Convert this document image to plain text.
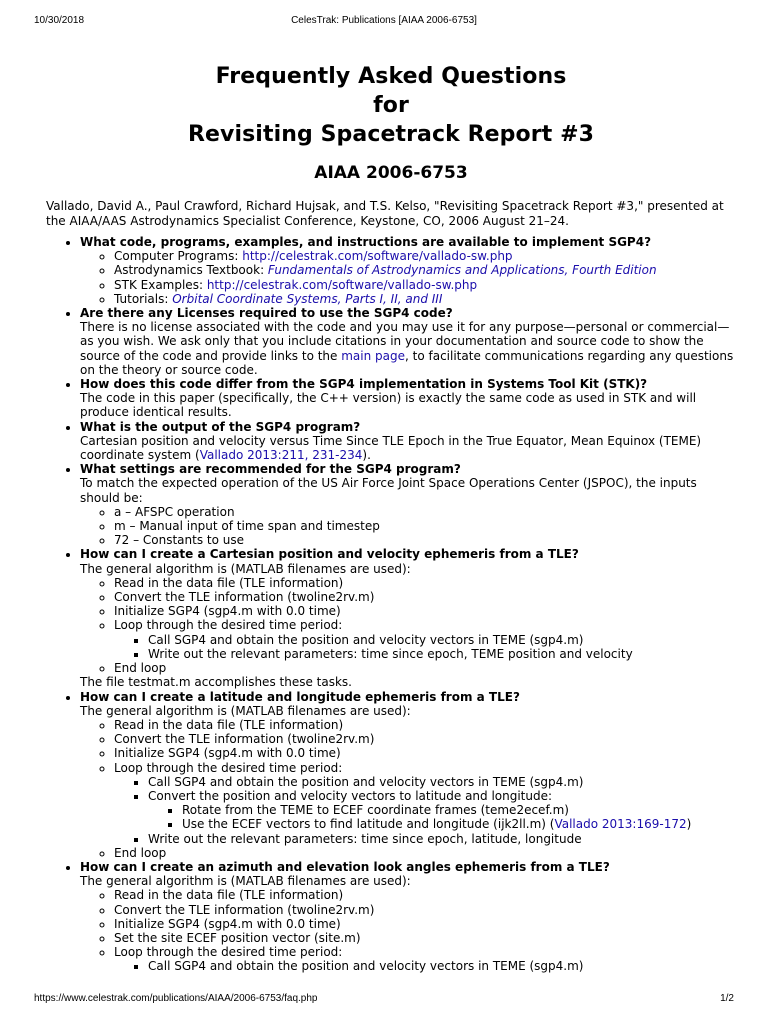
10/30/2018	CelesTrak: Publications [AIAA 2006-6753]
Frequently Asked Questions
for
Revisiting Spacetrack Report #3
AIAA 2006-6753

Vallado, David A., Paul Crawford, Richard Hujsak, and T.S. Kelso, "Revisiting Spacetrack Report #3," presented at the AIAA/AAS Astrodynamics Specialist Conference, Keystone, CO, 2006 August 21–24.

• What code, programs, examples, and instructions are available to implement SGP4?
◦ Computer Programs: http://celestrak.com/software/vallado-sw.php
◦ Astrodynamics Textbook: Fundamentals of Astrodynamics and Applications, Fourth Edition
◦ STK Examples: http://celestrak.com/software/vallado-sw.php
◦ Tutorials: Orbital Coordinate Systems, Parts I, II, and III
• Are there any Licenses required to use the SGP4 code?
There is no license associated with the code and you may use it for any purpose—personal or commercial—as you wish. We ask only that you include citations in your documentation and source code to show the source of the code and provide links to the main page, to facilitate communications regarding any questions on the theory or source code.
• How does this code differ from the SGP4 implementation in Systems Tool Kit (STK)?
The code in this paper (specifically, the C++ version) is exactly the same code as used in STK and will produce identical results.
• What is the output of the SGP4 program?
Cartesian position and velocity versus Time Since TLE Epoch in the True Equator, Mean Equinox (TEME) coordinate system (Vallado 2013:211, 231-234).
• What settings are recommended for the SGP4 program?
To match the expected operation of the US Air Force Joint Space Operations Center (JSPOC), the inputs should be:
◦ a – AFSPC operation
◦ m – Manual input of time span and timestep
◦ 72 – Constants to use
• How can I create a Cartesian position and velocity ephemeris from a TLE?
The general algorithm is (MATLAB filenames are used):
◦ Read in the data file (TLE information)
◦ Convert the TLE information (twoline2rv.m)
◦ Initialize SGP4 (sgp4.m with 0.0 time)
◦ Loop through the desired time period:
▪ Call SGP4 and obtain the position and velocity vectors in TEME (sgp4.m)
▪ Write out the relevant parameters: time since epoch, TEME position and velocity
◦ End loop
The file testmat.m accomplishes these tasks.
• How can I create a latitude and longitude ephemeris from a TLE?
The general algorithm is (MATLAB filenames are used):
◦ Read in the data file (TLE information)
◦ Convert the TLE information (twoline2rv.m)
◦ Initialize SGP4 (sgp4.m with 0.0 time)
◦ Loop through the desired time period:
▪ Call SGP4 and obtain the position and velocity vectors in TEME (sgp4.m)
▪ Convert the position and velocity vectors to latitude and longitude:
▪ Rotate from the TEME to ECEF coordinate frames (teme2ecef.m)
▪ Use the ECEF vectors to find latitude and longitude (ijk2ll.m) (Vallado 2013:169-172)
▪ Write out the relevant parameters: time since epoch, latitude, longitude
◦ End loop
• How can I create an azimuth and elevation look angles ephemeris from a TLE?
The general algorithm is (MATLAB filenames are used):
◦ Read in the data file (TLE information)
◦ Convert the TLE information (twoline2rv.m)
◦ Initialize SGP4 (sgp4.m with 0.0 time)
◦ Set the site ECEF position vector (site.m)
◦ Loop through the desired time period:
▪ Call SGP4 and obtain the position and velocity vectors in TEME (sgp4.m)
https://www.celestrak.com/publications/AIAA/2006-6753/faq.php	1/2
